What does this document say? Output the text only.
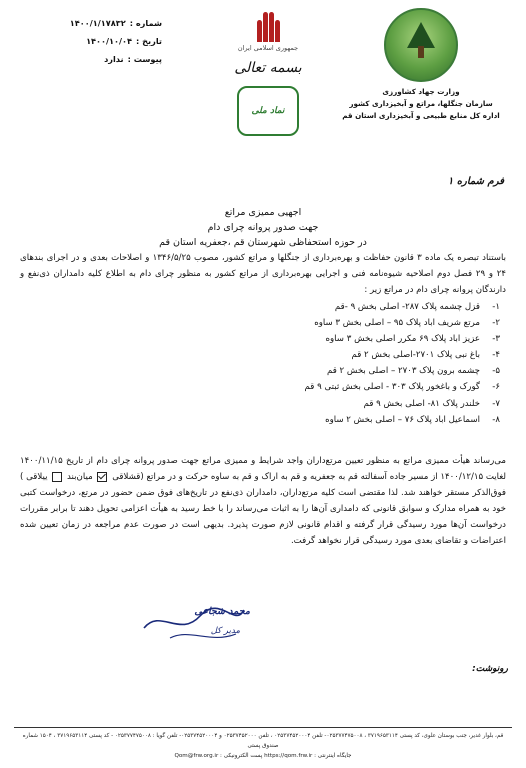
وزارت جهاد کشاورزی
سازمان جنگلها، مراتع و آبخیزداری کشور
اداره کل منابع طبیعی و آبخیزداری استان قم
جمهوری اسلامی ایران
بسمه تعالی
نماد ملی
شماره :
۱۴۰۰/۱/۱۷۸۳۲
تاریخ :
۱۴۰۰/۱۰/۰۴
پیوست :
ندارد
فرم شماره ۱
اجهیی ممیزی مراتع
جهت صدور پروانه چرای دام
در حوزه استحفاظی شهرستان قم ،جعفریه استان قم
باستناد تبصره یک ماده ۳ قانون حفاظت و بهره‌برداری از جنگلها و مراتع کشور، مصوب ۱۳۴۶/۵/۲۵ و اصلاحات بعدی و در اجرای بندهای ۲۴ و ۲۹ فصل دوم اصلاحیه شیوه‌نامه فنی و اجرایی بهره‌برداری از مراتع کشور به منظور چرای دام به اطلاع کلیه دامداران ذی‌نفع و دارندگان پروانه چرای دام در مراتع زیر :
۱-
قزل چشمه پلاک ۲۸۷- اصلی بخش ۹ -قم
۲-
مرتع شریف اباد پلاک ۹۵ – اصلی بخش ۳ ساوه
۳-
عزیز اباد پلاک ۶۹ مکرر اصلی بخش ۳ ساوه
۴-
باغ نبی پلاک ۲۷۰۱-اصلی بخش ۲ قم
۵-
چشمه برون پلاک ۲۷۰۳ – اصلی بخش ۲ قم
۶-
گورک و باغخور پلاک ۳۰۳ - اصلی بخش ثبتی ۹ قم
۷-
خلندر پلاک ۸۱- اصلی بخش ۹ قم
۸-
اسماعیل اباد پلاک ۷۶ – اصلی بخش ۲ ساوه
می‌رساند هیأت ممیزی مراتع به منظور تعیین مرتع‌داران واجد شرایط و ممیزی مراتع جهت صدور پروانه چرای دام از تاریخ ۱۴۰۰/۱۱/۱۵ لغایت ۱۴۰۰/۱۲/۱۵ از مسیر جاده آسفالته قم به جعفریه و قم به اراک و قم به ساوه حرکت و در مراتع (قشلاقی  میان‌بند  ییلاقی ) فوق‌الذکر مستقر خواهند شد. لذا مقتضی است کلیه مرتع‌داران، دامداران ذی‌نفع در تاریخ‌های فوق ضمن حضور در مرتع، درخواست کتبی خود به همراه مدارک و سوابق قانونی که دامداری آن‌ها را به اثبات می‌رساند را با خط رسید به هیأت اعزامی تحویل دهند تا برابر مقررات درخواست آن‌ها مورد رسیدگی قرار گرفته و اقدام قانونی لازم صورت پذیرد. بدیهی است در صورت عدم مراجعه در زمان تعیین شده اعتراضات و تقاضای بعدی مورد رسیدگی قرار نخواهد گرفت.
محمد شجاعی
مدیر کل
رونوشت:
قم، بلوار غدیر، جنب بوستان علوی، کد پستی ۳۷۱۹۶۵۳۱۱۴ ، ۰۲۵۳۷۷۴۷۵۰۰۸- تلفن ۰۲۵۳۷۴۵۲۰۰۰۴ ، تلفن ۰۲۵۳۷۴۵۲۰۰۰ و ۰۲۵۳۷۴۵۲۰۰۰۴- تلفن گویا : ۰۲۵۳۷۷۴۷۵۰۰۸ - کد پستی ۳۷۱۹۶۵۳۱۱۴ ، ۱۵۰۴ شماره صندوق پستی
جایگاه اینترنتی : https://qom.frw.ir پست الکترونیکی : Qom@frw.org.ir
